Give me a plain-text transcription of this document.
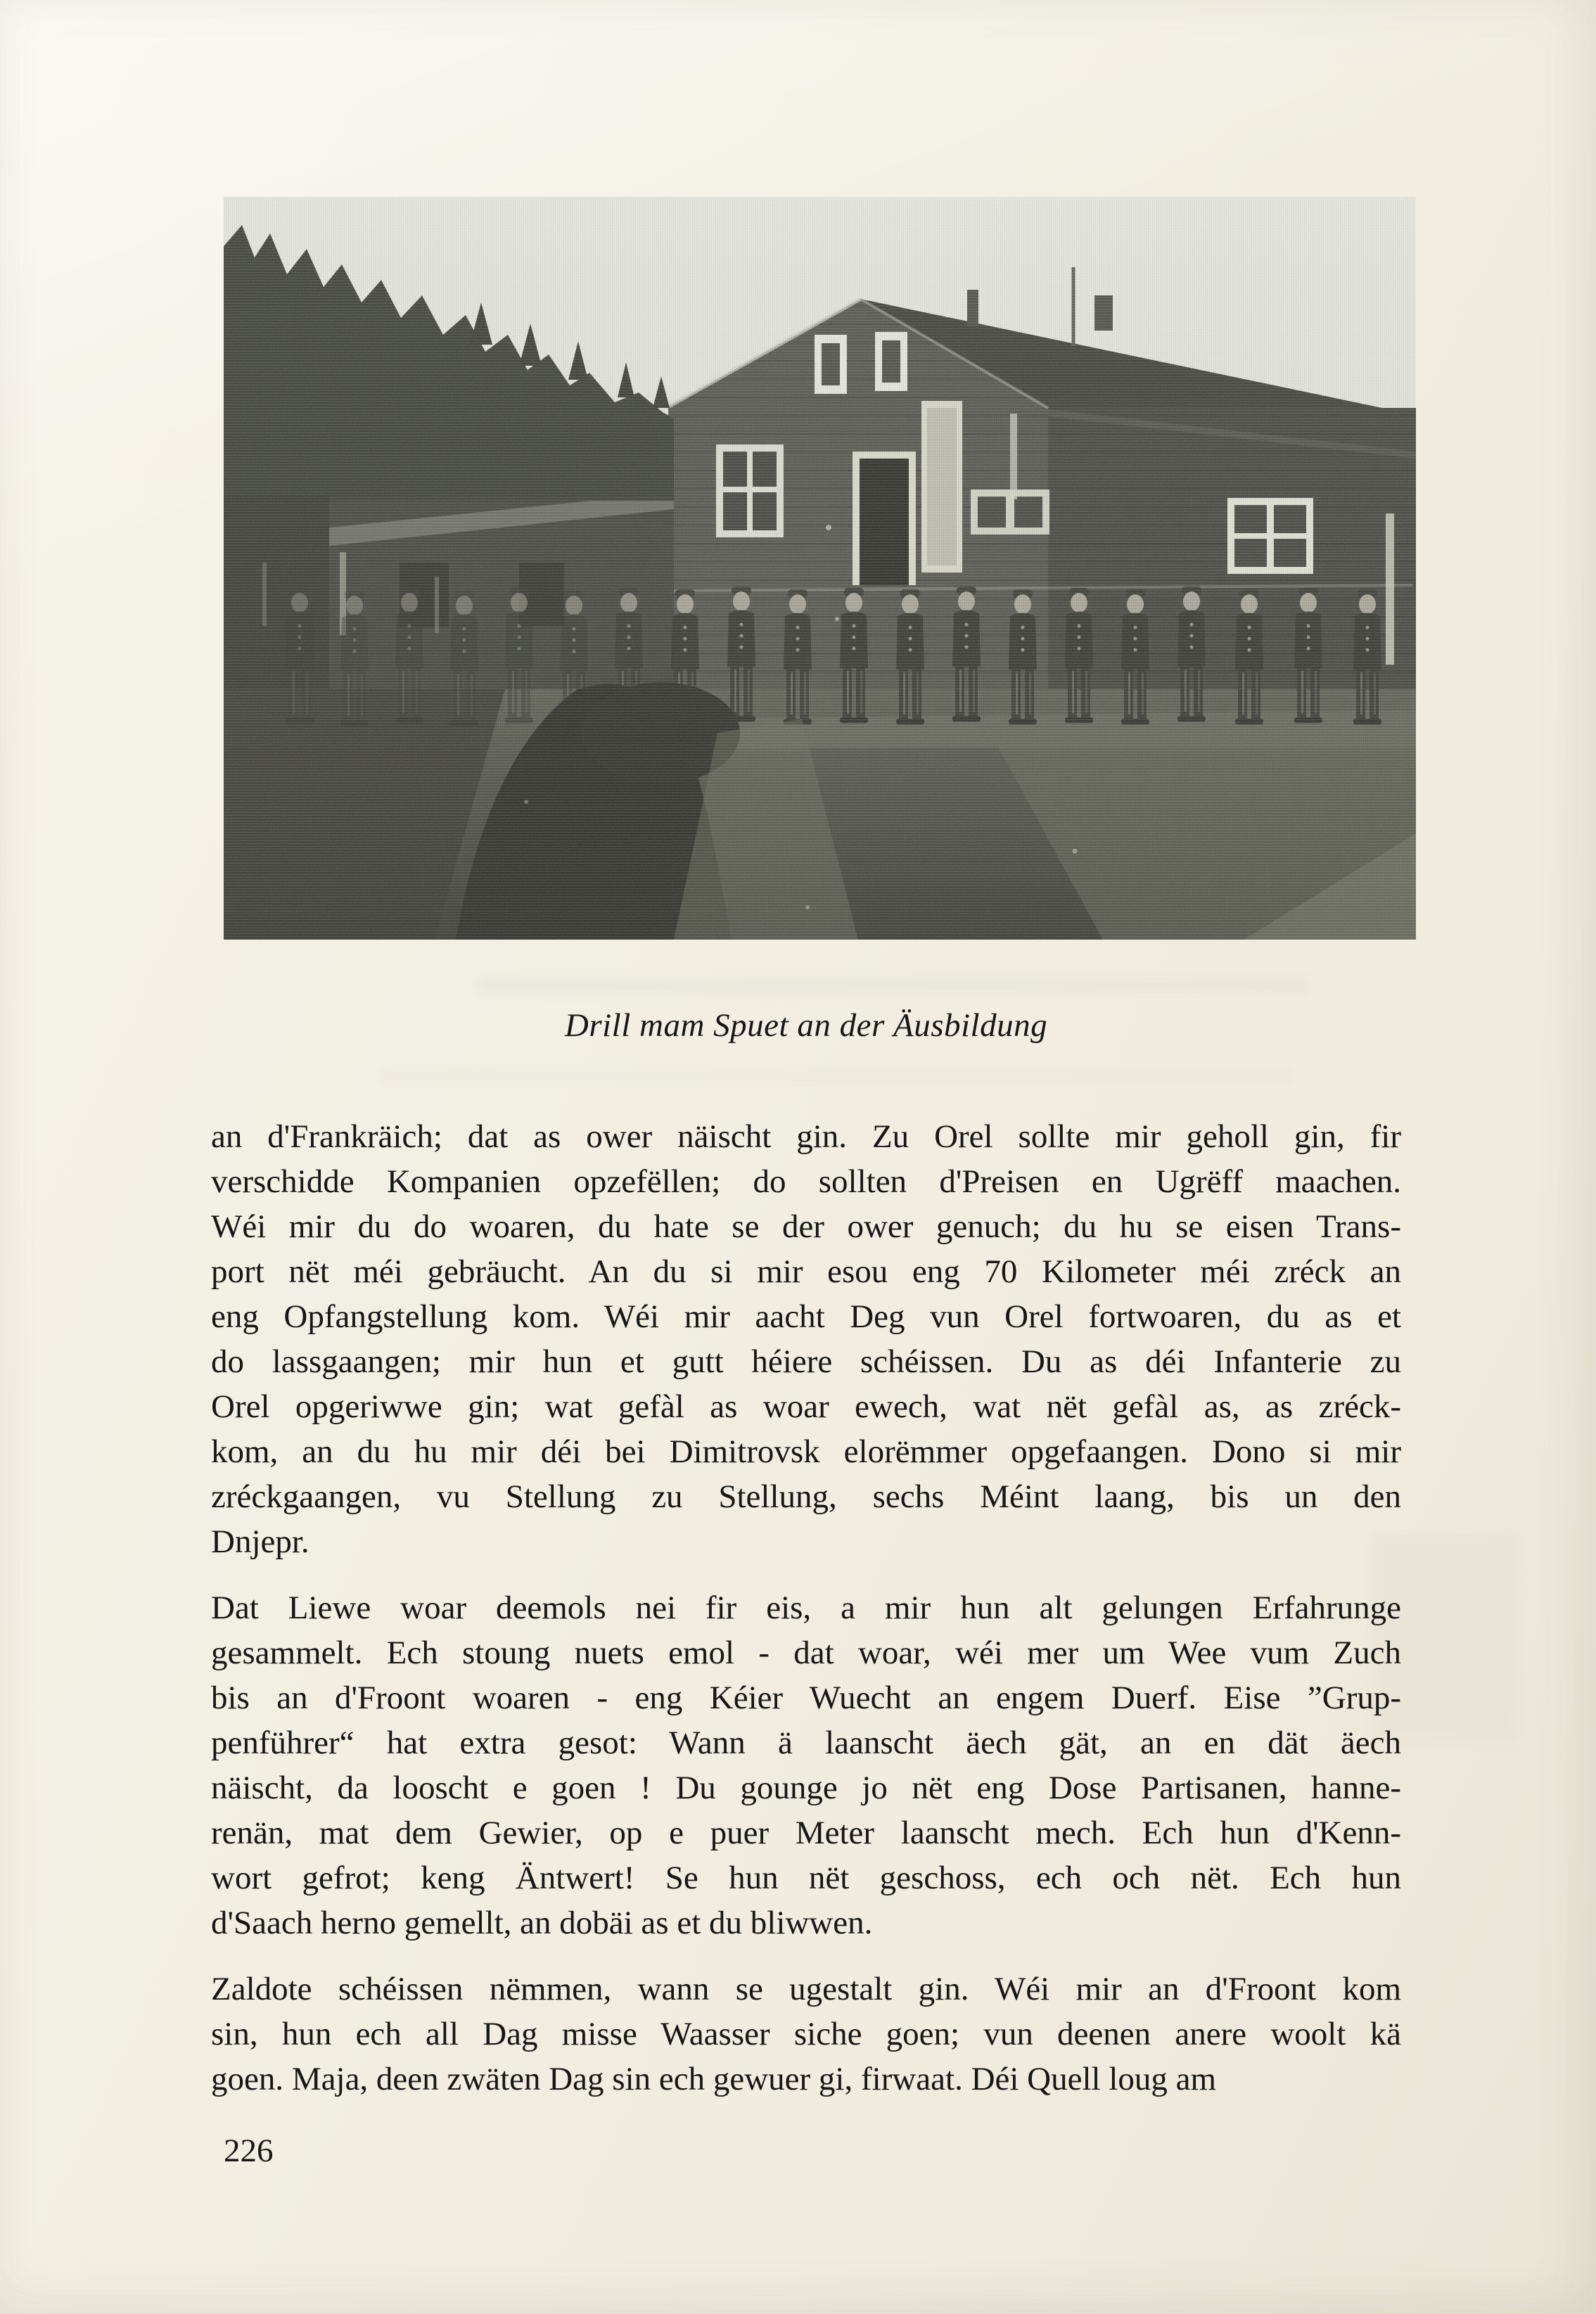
Drill mam Spuet an der Äusbildung
an d'Frankräich; dat as ower näischt gin. Zu Orel sollte mir geholl gin, fir
verschidde Kompanien opzefëllen; do sollten d'Preisen en Ugrëff maachen.
Wéi mir du do woaren, du hate se der ower genuch; du hu se eisen Trans-
port nët méi gebräucht. An du si mir esou eng 70 Kilometer méi zréck an
eng Opfangstellung kom. Wéi mir aacht Deg vun Orel fortwoaren, du as et
do lassgaangen; mir hun et gutt héiere schéissen. Du as déi Infanterie zu
Orel opgeriwwe gin; wat gefàl as woar ewech, wat nët gefàl as, as zréck-
kom, an du hu mir déi bei Dimitrovsk elorëmmer opgefaangen. Dono si mir
zréckgaangen, vu Stellung zu Stellung, sechs Méint laang, bis un den
Dnjepr.
Dat Liewe woar deemols nei fir eis, a mir hun alt gelungen Erfahrunge
gesammelt. Ech stoung nuets emol - dat woar, wéi mer um Wee vum Zuch
bis an d'Froont woaren - eng Kéier Wuecht an engem Duerf. Eise ”Grup-
penführer“ hat extra gesot: Wann ä laanscht äech gät, an en dät äech
näischt, da looscht e goen ! Du gounge jo nët eng Dose Partisanen, hanne-
renän, mat dem Gewier, op e puer Meter laanscht mech. Ech hun d'Kenn-
wort gefrot; keng Äntwert! Se hun nët geschoss, ech och nët. Ech hun
d'Saach herno gemellt, an dobäi as et du bliwwen.
Zaldote schéissen nëmmen, wann se ugestalt gin. Wéi mir an d'Froont kom
sin, hun ech all Dag misse Waasser siche goen; vun deenen anere woolt kä
goen. Maja, deen zwäten Dag sin ech gewuer gi, firwaat. Déi Quell loug am
226
